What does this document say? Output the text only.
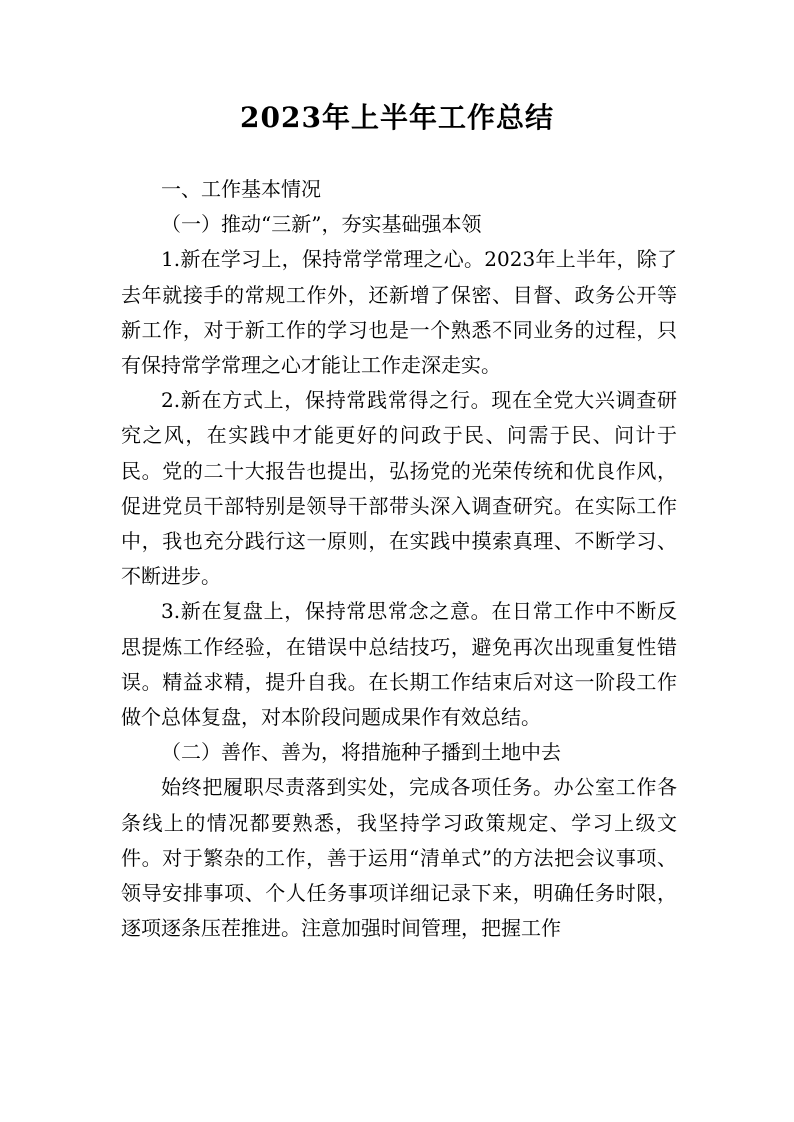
2023年上半年工作总结

一、工作基本情况

（一）推动“三新”，夯实基础强本领

1.新在学习上，保持常学常理之心。2023年上半年，除了去年就接手的常规工作外，还新增了保密、目督、政务公开等新工作，对于新工作的学习也是一个熟悉不同业务的过程，只有保持常学常理之心才能让工作走深走实。

2.新在方式上，保持常践常得之行。现在全党大兴调查研究之风，在实践中才能更好的问政于民、问需于民、问计于民。党的二十大报告也提出，弘扬党的光荣传统和优良作风，促进党员干部特别是领导干部带头深入调查研究。在实际工作中，我也充分践行这一原则，在实践中摸索真理、不断学习、不断进步。

3.新在复盘上，保持常思常念之意。在日常工作中不断反思提炼工作经验，在错误中总结技巧，避免再次出现重复性错误。精益求精，提升自我。在长期工作结束后对这一阶段工作做个总体复盘，对本阶段问题成果作有效总结。

（二）善作、善为，将措施种子播到土地中去

始终把履职尽责落到实处，完成各项任务。办公室工作各条线上的情况都要熟悉，我坚持学习政策规定、学习上级文件。对于繁杂的工作，善于运用“清单式”的方法把会议事项、领导安排事项、个人任务事项详细记录下来，明确任务时限，逐项逐条压茬推进。注意加强时间管理，把握工作
